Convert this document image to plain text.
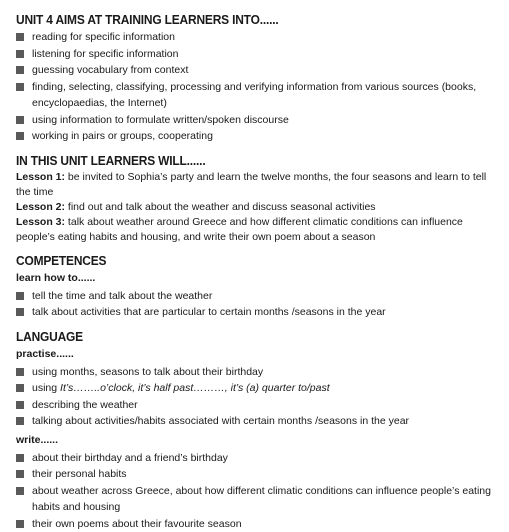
UNIT 4 AIMS AT TRAINING LEARNERS INTO......
reading for specific information
listening for specific information
guessing vocabulary from context
finding, selecting, classifying, processing and verifying information from various sources (books, encyclopaedias, the Internet)
using information to formulate written/spoken discourse
working in pairs or groups, cooperating
IN THIS UNIT LEARNERS WILL......
Lesson 1: be invited to Sophia’s party and learn the twelve months, the four seasons and learn to tell the time
Lesson 2: find out and talk about the weather and discuss seasonal activities
Lesson 3: talk about weather around Greece and how different climatic conditions can influence people’s eating habits and housing, and write their own poem about a season
COMPETENCES
learn how to......
tell the time and talk about the weather
talk about activities that are particular to certain months /seasons in the year
LANGUAGE
practise......
using months, seasons to talk about their birthday
using It’s……..o’clock, it’s half past………, it’s (a) quarter to/past
describing the weather
talking about activities/habits associated with certain months /seasons in the year
write......
about their birthday and a friend’s birthday
their personal habits
about weather across Greece, about how different climatic conditions can influence people’s eating habits and housing
their own poems about their favourite season
